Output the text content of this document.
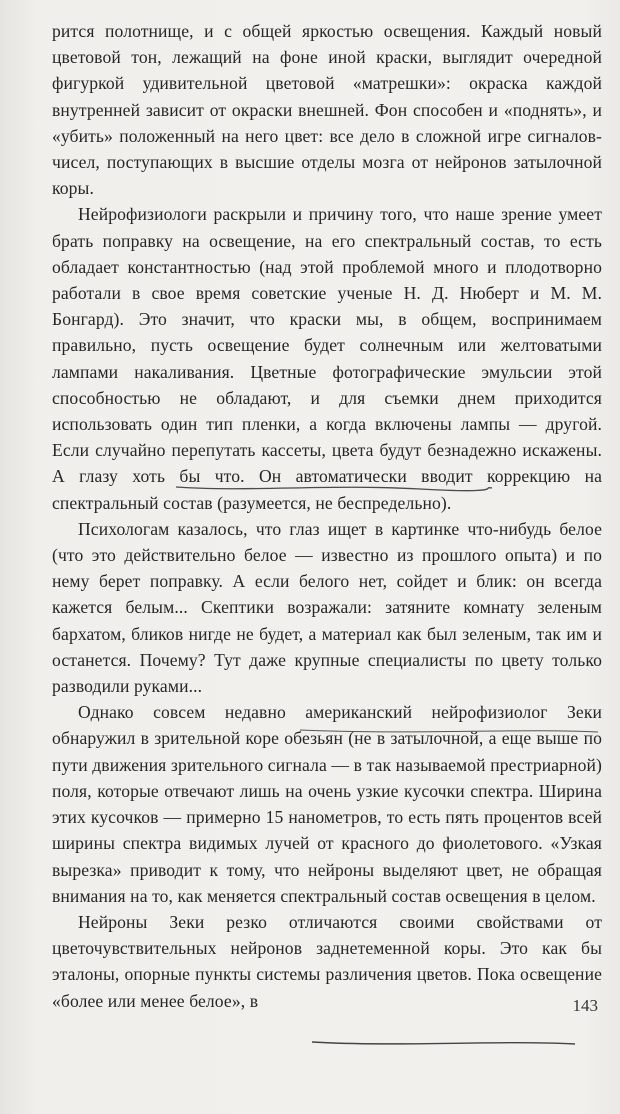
рится полотнище, и с общей яркостью освещения. Каждый новый цветовой тон, лежащий на фоне иной краски, выглядит очередной фигуркой удивительной цветовой «матрешки»: окраска каждой внутренней зависит от окраски внешней. Фон способен и «поднять», и «убить» положенный на него цвет: все дело в сложной игре сигналов-чисел, поступающих в высшие отделы мозга от нейронов затылочной коры.

Нейрофизиологи раскрыли и причину того, что наше зрение умеет брать поправку на освещение, на его спектральный состав, то есть обладает константностью (над этой проблемой много и плодотворно работали в свое время советские ученые Н. Д. Нюберт и М. М. Бонгард). Это значит, что краски мы, в общем, воспринимаем правильно, пусть освещение будет солнечным или желтоватыми лампами накаливания. Цветные фотографические эмульсии этой способностью не обладают, и для съемки днем приходится использовать один тип пленки, а когда включены лампы — другой. Если случайно перепутать кассеты, цвета будут безнадежно искажены. А глазу хоть бы что. Он автоматически вводит коррекцию на спектральный состав (разумеется, не беспредельно).

Психологам казалось, что глаз ищет в картинке что-нибудь белое (что это действительно белое — известно из прошлого опыта) и по нему берет поправку. А если белого нет, сойдет и блик: он всегда кажется белым... Скептики возражали: затяните комнату зеленым бархатом, бликов нигде не будет, а материал как был зеленым, так им и останется. Почему? Тут даже крупные специалисты по цвету только разводили руками...

Однако совсем недавно американский нейрофизиолог Зеки обнаружил в зрительной коре обезьян (не в затылочной, а еще выше по пути движения зрительного сигнала — в так называемой престриарной) поля, которые отвечают лишь на очень узкие кусочки спектра. Ширина этих кусочков — примерно 15 нанометров, то есть пять процентов всей ширины спектра видимых лучей от красного до фиолетового. «Узкая вырезка» приводит к тому, что нейроны выделяют цвет, не обращая внимания на то, как меняется спектральный состав освещения в целом.

Нейроны Зеки резко отличаются своими свойствами от цветочувствительных нейронов заднетеменной коры. Это как бы эталоны, опорные пункты системы различения цветов. Пока освещение «более или менее белое», в	143
